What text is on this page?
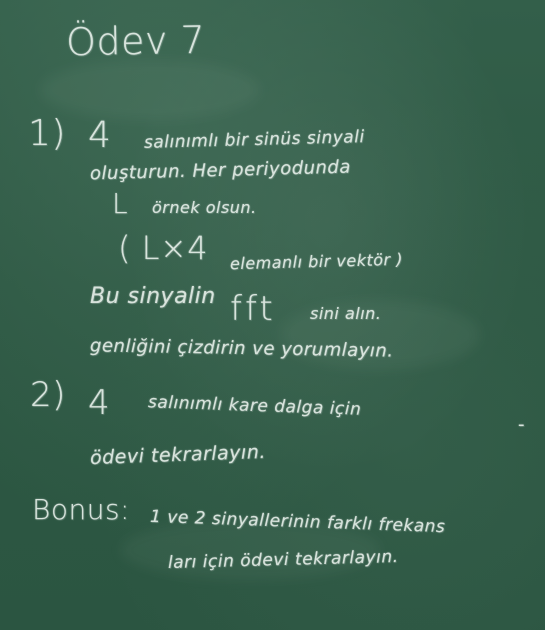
Ödev 7
1) 4 salınımlı bir sinüs sinyali
oluşturun. Her periyodunda
L örnek olsun.
( L×4 elemanlı bir vektör )
Bu sinyalin fft sini alın.
genliğini çizdirin ve yorumlayın.
2) 4 salınımlı kare dalga için
-
ödevi tekrarlayın.
Bonus: 1 ve 2 sinyallerinin farklı frekans
ları için ödevi tekrarlayın.
